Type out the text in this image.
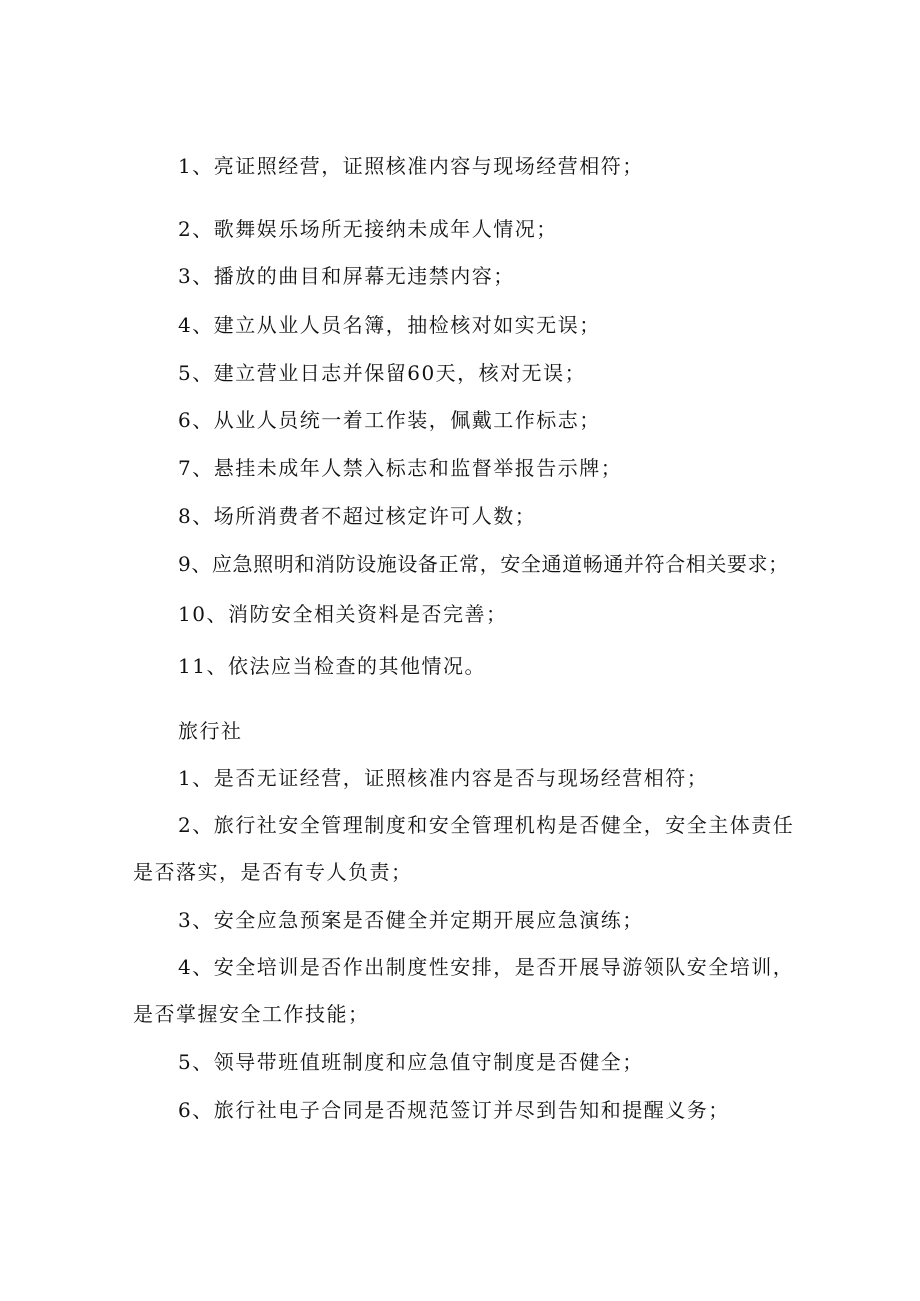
1、亮证照经营，证照核准内容与现场经营相符；
2、歌舞娱乐场所无接纳未成年人情况；
3、播放的曲目和屏幕无违禁内容；
4、建立从业人员名簿，抽检核对如实无误；
5、建立营业日志并保留60天，核对无误；
6、从业人员统一着工作装，佩戴工作标志；
7、悬挂未成年人禁入标志和监督举报告示牌；
8、场所消费者不超过核定许可人数；
9、应急照明和消防设施设备正常，安全通道畅通并符合相关要求；
10、消防安全相关资料是否完善；
11、依法应当检查的其他情况。
旅行社
1、是否无证经营，证照核准内容是否与现场经营相符；

2、旅行社安全管理制度和安全管理机构是否健全，安全主体责任是否落实，是否有专人负责；

3、安全应急预案是否健全并定期开展应急演练；

4、安全培训是否作出制度性安排，是否开展导游领队安全培训，是否掌握安全工作技能；

5、领导带班值班制度和应急值守制度是否健全；
6、旅行社电子合同是否规范签订并尽到告知和提醒义务；
